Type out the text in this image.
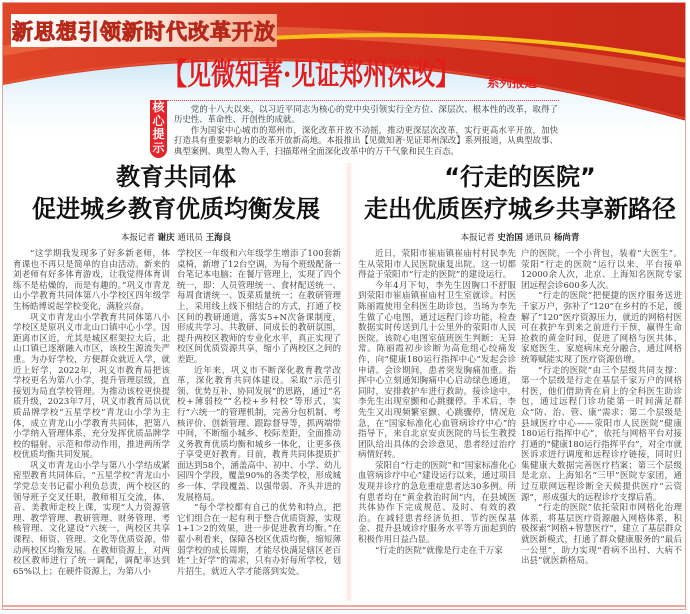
新思想引领新时代改革开放
【见微知著·见证郑州深改】 系列报道
核
心
提
示

党的十八大以来，以习近平同志为核心的党中央引领实行全方位、深层次、根本性的改革，取得了历史性、革命性、开创性的成就。

作为国家中心城市的郑州市，深化改革开放不动摇，推动更深层次改革，实行更高水平开放，加快打造具有重要影响力的改革开放新高地。本报推出【见微知著·见证郑州深改】系列报道，从典型故事、典型案例、典型人物入手，扫描郑州全面深化改革中的万千气象和民生百态。

教育共同体
促进城乡教育优质均衡发展
本报记者 谢庆 通讯员 王海良

“这学期我发现多了好多新老师，体育课也不再只是简单的自由活动。新来的刘老师有好多体育游戏，让我觉得体育训练不是枯燥的，而是有趣的。”巩义市青龙山小学教育共同体第八小学校区四年级学生杨皓博说起学校变化，满脸兴奋。

巩义市青龙山小学教育共同体第八小学校区是原巩义市北山口镇中心小学。因距离市区近，尤其是城区框架拉大后，北山口镇已逐渐融入市区，该校生源流失严重。为办好学校，方便群众就近入学，就近上好学，2022年，巩义市教育局把该学校更名为第八小学，提升管理层级，直接划为局直学校管理。为推动该校更快提质升级，2023年7月，巩义市教育局以优质品牌学校“五星学校”青龙山小学为主体，成立青龙山小学教育共同体，把第八小学纳入管理体系，充分发挥优质品牌学校的辐射、示范和带动作用，推进两所学校优质均衡共同发展。

巩义市青龙山小学与第八小学结成紧密型教育共同体后，“五星学校”青龙山小学党总支书记翟小利负总责，两个校区的领导班子交叉任职，教师相互交流，体、音、美教师走校上课，实现“人力资源管理、教学管理、教研管理、财务管理、考核管理、文化建设”六统一，两校区共享课程、师资、管理、文化等优质资源，带动两校区均衡发展。在教师资源上，对两校区教师进行了统一调配，调配率达到65%以上；在硬件资源上，为第八小

学校区一年级和六年级学生增添了100套新桌椅，新增了12台空调，为每个班级配备一台笔记本电脑；在餐厅管理上，实现了四个统一，即：人员管理统一、食材配送统一、每周食谱统一、饭菜质量统一；在教研管理上，采用线上线下相结合的方式，打通了校区间的教研通道，落实5+N次备课制度，形成共学习、共教研、同成长的教研氛围，提升两校区教师的专业化水平，真正实现了校区间优质资源共享，缩小了两校区之间的差距。

近年来，巩义市不断深化教育教学改革，深化教育共同体建设。采取“示范引领、优势互补、协同发展”的思路，通过“名校+薄弱校”“名校+乡村校”等形式，实行“六统一”的管理机制，完善分包机制、考核评价、创新管理、跟踪督导等，抓两端带中间，不断缩小城乡、校际差距，全面推动义务教育优质均衡和城乡一体化，让更多孩子享受更好教育。目前，教育共同体提质扩面达到58个，涵盖高中、初中、小学、幼儿园四个学段，覆盖90%的各类学校，形成城乡一体、学段覆盖、以强带弱、齐头并进的发展格局。

“每个学校都有自己的优势和特点，把它们组合在一起有利于整合优质资源，实现1+1＞2的效果，进一步促进教育均衡。”在翟小利看来，保障各校区优质均衡，缩短薄弱学校的成长周期，才能尽快满足辖区老百姓“上好学”的需求，只有办好每所学校，划片招生，就近入学才能落到实处。

“行走的医院”
走出优质医疗城乡共享新路径
本报记者 史治国 通讯员 杨尚青

近日，荥阳市崔庙镇崔庙村村民李先生从荥阳市人民医院康复出院。这一切都得益于荥阳市“行走的医院”的建设运行。

今年4月下旬，李先生因胸口不舒服到荥阳市崔庙镇崔庙村卫生室就诊。村医陈丽霞使用全科医生助诊包，当场为李先生做了心电图，通过远程门诊功能，检查数据实时传送到几十公里外的荥阳市人民医院。该院心电图室值班医生判断：无异常。陈丽霞初步诊断为高危组心绞痛发作，向“健康180运行指挥中心”发起会诊申请。会诊期间，患者突发胸痛加重。指挥中心立刻通知胸痛中心启动绿色通道，同时，安排救护车进行救助。接诊途中，李先生出现室颤和心跳骤停。手术后，李先生又出现频繁室颤、心跳骤停，情况危急，在“国家标准化心血管病诊疗中心”的指导下，来自北京安贞医院的马长生教授团队给出具体的会诊意见，患者经过治疗病情好转。

荥阳自“行走的医院”和“国家标准化心血管病诊疗中心”建设运行以来，通过项目发现并诊疗的急危重症患者达30多例。所有患者均在“黄金救治时间”内，在县域医共体协作下完成规范、及时、有效的救治。在减轻患者经济负担、节约医保基金、提升县域诊疗服务水平等方面起到的积极作用日益凸显。

“行走的医院”就像是行走在千万家

户的医院，一个小背包，装着“大医生”。荥阳“行走的医院”运行以来，平台接单12000余人次，北京、上海知名医院专家团远程会诊600多人次。

“行走的医院”把便捷的医疗服务送进千家万户，弥补了“120”在乡村的不足，缓解了“120”医疗资源压力，就近的网格村医可在救护车到来之前进行干预，赢得生命抢救的黄金时间，促进了网格与医共体、家庭医生、家庭病床充分融合，通过网格统筹赋能实现了医疗资源倍增。

“行走的医院”由三个层级共同支撑：第一个层级是行走在基层千家万户的网格村医，他们借助背在肩上的全科医生助诊包，通过远程门诊功能第一时间满足群众“防、治、管、康”需求；第二个层级是县域医疗中心——荥阳市人民医院“健康180运行指挥中心”，依托与网格平台对接打通的“健康180运行指挥平台”，对全市就医诉求进行调度和远程诊疗链接，同时归集健康大数据完善医疗档案；第三个层级是北京、上海知名“三甲”医院专家团，通过互联网远程诊断全天候提供医疗“云资源”，形成强大的远程诊疗支撑后盾。

“行走的医院”依托荥阳市网格化治理体系，将基层医疗资源融入网格体系，积极探索“网格+智慧医疗”，建立了基层群众就医新模式，打通了群众健康服务的“最后一公里”，助力实现“看病不出村、大病不出县”就医新格局。
